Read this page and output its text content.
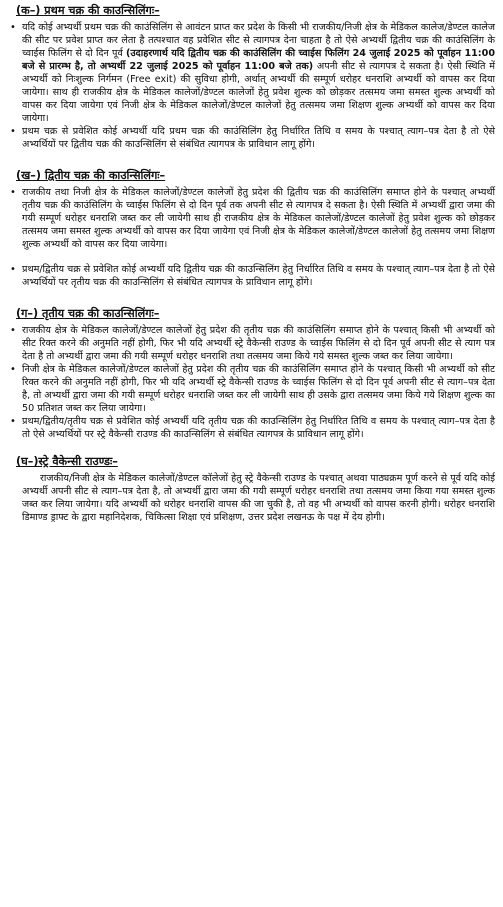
(क–) प्रथम चक्र की काउन्सिलिंगः–
• यदि कोई अभ्यर्थी प्रथम चक्र की काउंसिलिंग से आवंटन प्राप्त कर प्रदेश के किसी भी राजकीय/निजी क्षेत्र के मेडिकल कालेज/डेण्टल कालेज की सीट पर प्रवेश प्राप्त कर लेता है तत्पश्चात वह प्रवेशित सीट से त्यागपत्र देना चाहता है तो ऐसे अभ्यर्थी द्वितीय चक्र की काउंसिलिंग के च्वाईस फिलिंग से दो दिन पूर्व (उदाहरणार्थ यदि द्वितीय चक्र की काउंसिलिंग की च्वाईस फिलिंग 24 जुलाई 2025 को पूर्वाहन 11:00 बजे से प्रारम्भ है, तो अभ्यर्थी 22 जुलाई 2025 को पूर्वाहन 11:00 बजे तक) अपनी सीट से त्यागपत्र दे सकता है। ऐसी स्थिति में अभ्यर्थी को निःशुल्क निर्गमन (Free exit) की सुविधा होगी, अर्थात् अभ्यर्थी की सम्पूर्ण धरोहर धनराशि अभ्यर्थी को वापस कर दिया जायेगा। साथ ही राजकीय क्षेत्र के मेडिकल कालेजों/डेण्टल कालेजों हेतु प्रवेश शुल्क को छोड़कर तत्समय जमा समस्त शुल्क अभ्यर्थी को वापस कर दिया जायेगा एवं निजी क्षेत्र के मेडिकल कालेजों/डेण्टल कालेजों हेतु तत्समय जमा शिक्षण शुल्क अभ्यर्थी को वापस कर दिया जायेगा।

• प्रथम चक्र से प्रवेशित कोई अभ्यर्थी यदि प्रथम चक्र की काउंसिलिंग हेतु निर्धारित तिथि व समय के पश्चात् त्याग–पत्र देता है तो ऐसे अभ्यर्थियों पर द्वितीय चक्र की काउन्सिलिंग से संबंधित त्यागपत्र के प्राविधान लागू होंगे।

(ख–) द्वितीय चक्र की काउन्सिलिंगः–
• राजकीय तथा निजी क्षेत्र के मेडिकल कालेजों/डेण्टल कालेजों हेतु प्रदेश की द्वितीय चक्र की काउंसिलिंग समाप्त होने के पश्चात् अभ्यर्थी तृतीय चक्र की काउंसिलिंग के च्वाईस फिलिंग से दो दिन पूर्व तक अपनी सीट से त्यागपत्र दे सकता है। ऐसी स्थिति में अभ्यर्थी द्वारा जमा की गयी सम्पूर्ण धरोहर धनराशि जब्त कर ली जायेगी साथ ही राजकीय क्षेत्र के मेडिकल कालेजों/डेण्टल कालेजों हेतु प्रवेश शुल्क को छोड़कर तत्समय जमा समस्त शुल्क अभ्यर्थी को वापस कर दिया जायेगा एवं निजी क्षेत्र के मेडिकल कालेजों/डेण्टल कालेजों हेतु तत्समय जमा शिक्षण शुल्क अभ्यर्थी को वापस कर दिया जायेगा।

• प्रथम/द्वितीय चक्र से प्रवेशित कोई अभ्यर्थी यदि द्वितीय चक्र की काउन्सिलिंग हेतु निर्धारित तिथि व समय के पश्चात् त्याग–पत्र देता है तो ऐसे अभ्यर्थियों पर तृतीय चक्र की काउन्सिलिंग से संबंधित त्यागपत्र के प्राविधान लागू होंगे।

(ग–) तृतीय चक्र की काउन्सिलिंगः–
• राजकीय क्षेत्र के मेडिकल कालेजों/डेण्टल कालेजों हेतु प्रदेश की तृतीय चक्र की काउंसिलिंग समाप्त होने के पश्चात् किसी भी अभ्यर्थी को सीट रिक्त करने की अनुमति नहीं होगी, फिर भी यदि अभ्यर्थी स्ट्रे वैकेन्सी राउण्ड के च्वाईस फिलिंग से दो दिन पूर्व अपनी सीट से त्याग पत्र देता है तो अभ्यर्थी द्वारा जमा की गयी सम्पूर्ण धरोहर धनराशि तथा तत्समय जमा किये गये समस्त शुल्क जब्त कर लिया जायेगा।

• निजी क्षेत्र के मेडिकल कालेजों/डेण्टल कालेजों हेतु प्रदेश की तृतीय चक्र की काउंसिलिंग समाप्त होने के पश्चात् किसी भी अभ्यर्थी को सीट रिक्त करने की अनुमति नहीं होगी, फिर भी यदि अभ्यर्थी स्ट्रे वैकेन्सी राउण्ड के च्वाईस फिलिंग से दो दिन पूर्व अपनी सीट से त्याग–पत्र देता है, तो अभ्यर्थी द्वारा जमा की गयी सम्पूर्ण धरोहर धनराशि जब्त कर ली जायेगी साथ ही उसके द्वारा तत्समय जमा किये गये शिक्षण शुल्क का 50 प्रतिशत जब्त कर लिया जायेगा।

• प्रथम/द्वितीय/तृतीय चक्र से प्रवेशित कोई अभ्यर्थी यदि तृतीय चक्र की काउन्सिलिंग हेतु निर्धारित तिथि व समय के पश्चात् त्याग–पत्र देता है तो ऐसे अभ्यर्थियों पर स्ट्रे वैकेन्सी राउण्ड की काउन्सिलिंग से संबंधित त्यागपत्र के प्राविधान लागू होंगे।

(घ–)स्ट्रे वैकेन्सी राउण्डः–

राजकीय/निजी क्षेत्र के मेडिकल कालेजों/डेण्टल कॉलेजों हेतु स्ट्रे वैकेन्सी राउण्ड के पश्चात् अथवा पाठ्यक्रम पूर्ण करने से पूर्व यदि कोई अभ्यर्थी अपनी सीट से त्याग–पत्र देता है, तो अभ्यर्थी द्वारा जमा की गयी सम्पूर्ण धरोहर धनराशि तथा तत्समय जमा किया गया समस्त शुल्क जब्त कर लिया जायेगा। यदि अभ्यर्थी को धरोहर धनराशि वापस की जा चुकी है, तो वह भी अभ्यर्थी को वापस करनी होगी। धरोहर धनराशि डिमाण्ड ड्राफ्ट के द्वारा महानिदेशक, चिकित्सा शिक्षा एवं प्रशिक्षण, उत्तर प्रदेश लखनऊ के पक्ष में देय होगी।
